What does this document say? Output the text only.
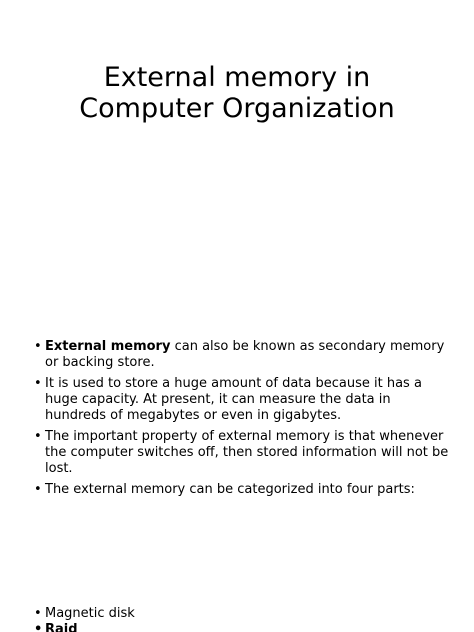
External memory in
Computer Organization
• External memory can also be known as secondary memory or backing store.
• It is used to store a huge amount of data because it has a huge capacity. At present, it can measure the data in hundreds of megabytes or even in gigabytes.
• The important property of external memory is that whenever the computer switches off, then stored information will not be lost.
• The external memory can be categorized into four parts:
• Magnetic disk
• Raid
